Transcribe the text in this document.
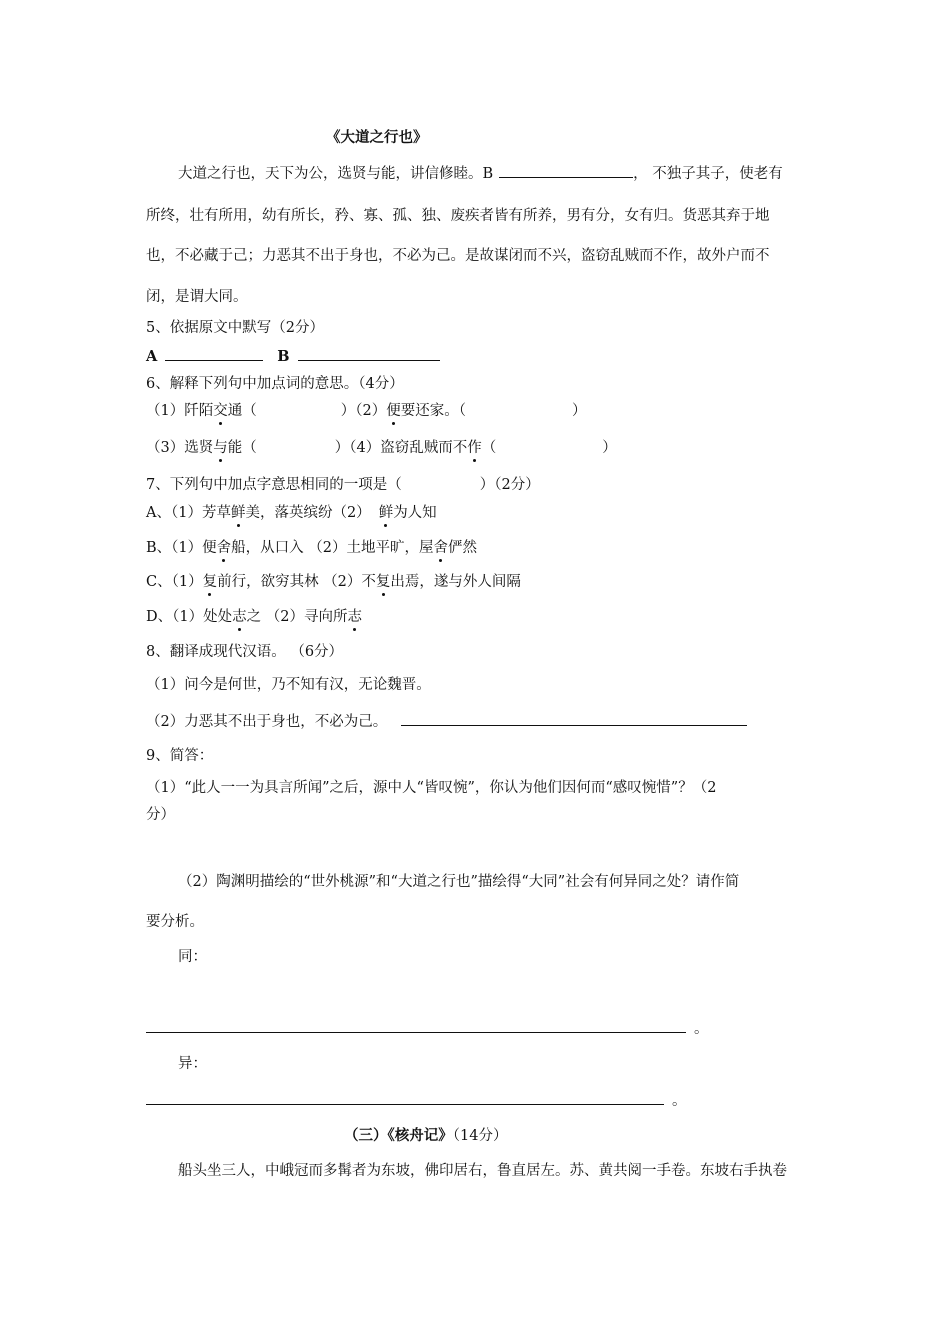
《大道之行也》
大道之行也，天下为公，选贤与能，讲信修睦。B	， 不独子其子，使老有
所终，壮有所用，幼有所长，矜、寡、孤、独、废疾者皆有所养，男有分，女有归。货恶其弃于地
也，不必藏于己；力恶其不出于身也，不必为己。是故谋闭而不兴，盗窃乱贼而不作，故外户而不
闭，是谓大同。
5、依据原文中默写（2分）
A	B
6、解释下列句中加点词的意思。（4分）
（1）阡陌交通（	）（2）便要还家。（	）
（3）选贤与能（	）（4）盗窃乱贼而不作（	）
7、下列句中加点字意思相同的一项是（	）（2分）
A、（1）芳草鲜美，落英缤纷（2） 鲜为人知
B、（1）便舍船，从口入 （2）土地平旷，屋舍俨然
C、（1）复前行，欲穷其林 （2）不复出焉，遂与外人间隔
D、（1）处处志之 （2）寻向所志
8、翻译成现代汉语。 （6分）
（1）问今是何世，乃不知有汉，无论魏晋。
（2）力恶其不出于身也，不必为己。
9、简答：
（1）“此人一一为具言所闻”之后，源中人“皆叹惋”，你认为他们因何而“感叹惋惜”？（2
分）
（2）陶渊明描绘的“世外桃源”和“大道之行也”描绘得“大同”社会有何异同之处？请作简
要分析。
同：
。
异：
。
（三）《核舟记》（14分）
船头坐三人，中峨冠而多髯者为东坡，佛印居右，鲁直居左。苏、黄共阅一手卷。东坡右手执卷
